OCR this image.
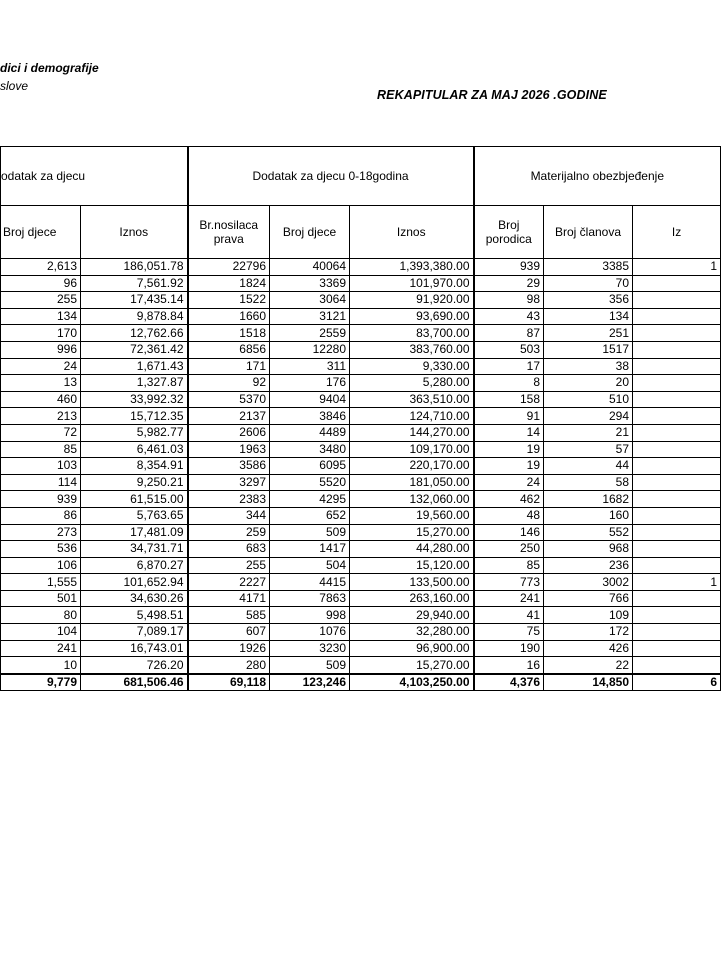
dici i demografije
slove
REKAPITULAR ZA MAJ 2026 .GODINE
odatak za djecu		Dodatak za djecu 0-18godina			Materijalno obezbjeđenje		
Broj djece	Iznos	Br.nosilaca prava	Broj djece	Iznos	Broj porodica	Broj članova	Iz
2,613	186,051.78	22796	40064	1,393,380.00	939	3385	1
96	7,561.92	1824	3369	101,970.00	29	70	
255	17,435.14	1522	3064	91,920.00	98	356	
134	9,878.84	1660	3121	93,690.00	43	134	
170	12,762.66	1518	2559	83,700.00	87	251	
996	72,361.42	6856	12280	383,760.00	503	1517	
24	1,671.43	171	311	9,330.00	17	38	
13	1,327.87	92	176	5,280.00	8	20	
460	33,992.32	5370	9404	363,510.00	158	510	
213	15,712.35	2137	3846	124,710.00	91	294	
72	5,982.77	2606	4489	144,270.00	14	21	
85	6,461.03	1963	3480	109,170.00	19	57	
103	8,354.91	3586	6095	220,170.00	19	44	
114	9,250.21	3297	5520	181,050.00	24	58	
939	61,515.00	2383	4295	132,060.00	462	1682	
86	5,763.65	344	652	19,560.00	48	160	
273	17,481.09	259	509	15,270.00	146	552	
536	34,731.71	683	1417	44,280.00	250	968	
106	6,870.27	255	504	15,120.00	85	236	
1,555	101,652.94	2227	4415	133,500.00	773	3002	1
501	34,630.26	4171	7863	263,160.00	241	766	
80	5,498.51	585	998	29,940.00	41	109	
104	7,089.17	607	1076	32,280.00	75	172	
241	16,743.01	1926	3230	96,900.00	190	426	
10	726.20	280	509	15,270.00	16	22	
9,779	681,506.46	69,118	123,246	4,103,250.00	4,376	14,850	6
